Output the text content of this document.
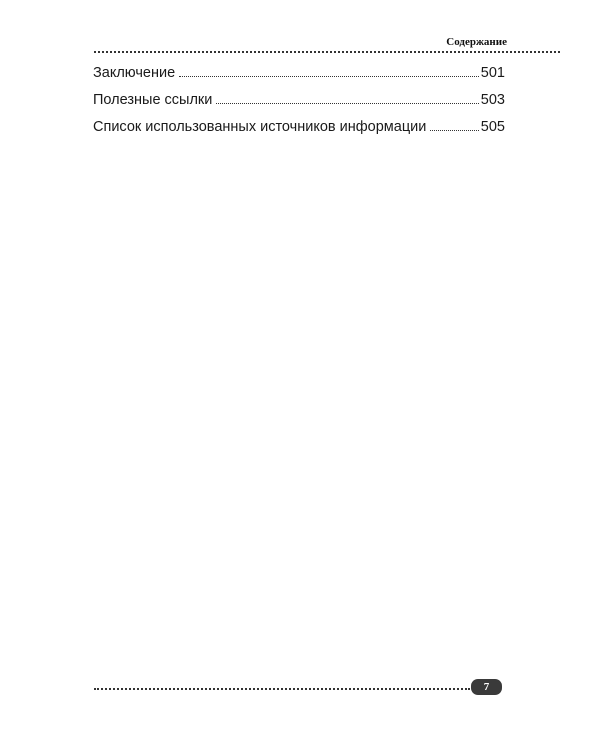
Содержание
Заключение	501
Полезные ссылки	503
Список использованных источников информации	505
7
